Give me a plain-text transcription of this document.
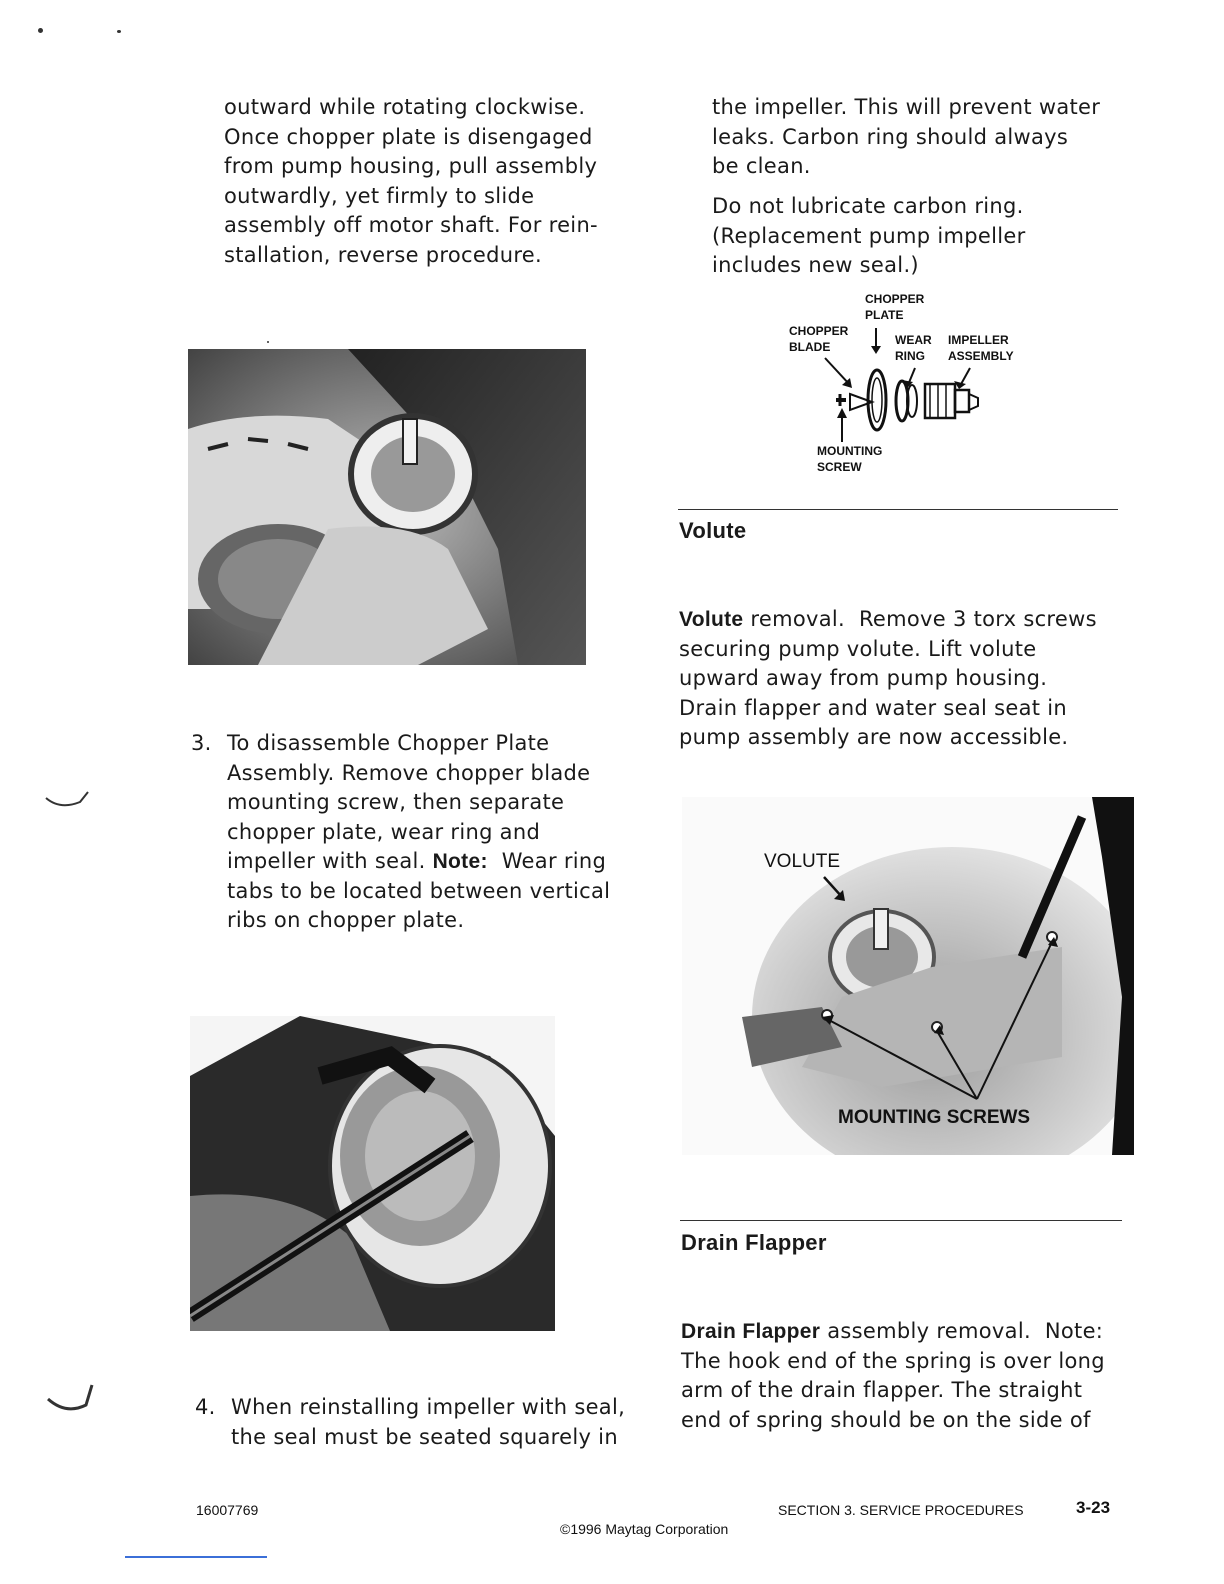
outward while rotating clockwise.

Once chopper plate is disengaged

from pump housing, pull assembly

outwardly, yet firmly to slide

assembly off motor shaft. For rein-

stallation, reverse procedure.

3. To disassemble Chopper Plate
Assembly. Remove chopper blade
mounting screw, then separate
chopper plate, wear ring and
impeller with seal. Note:  Wear ring
tabs to be located between vertical
ribs on chopper plate.
4. When reinstalling impeller with seal,
the seal must be seated squarely in

the impeller. This will prevent water

leaks. Carbon ring should always

be clean.

Do not lubricate carbon ring.

(Replacement pump impeller

includes new seal.)

CHOPPER
PLATE
CHOPPER
BLADE	WEAR
RING
IMPELLER
ASSEMBLY
MOUNTING
SCREW
Volute

Volute removal.  Remove 3 torx screws

securing pump volute. Lift volute

upward away from pump housing.

Drain flapper and water seal seat in

pump assembly are now accessible.

VOLUTE
MOUNTING SCREWS
Drain Flapper

Drain Flapper assembly removal.  Note:

The hook end of the spring is over long

arm of the drain flapper. The straight

end of spring should be on the side of

16007769	SECTION 3. SERVICE PROCEDURES	3-23
©1996 Maytag Corporation
